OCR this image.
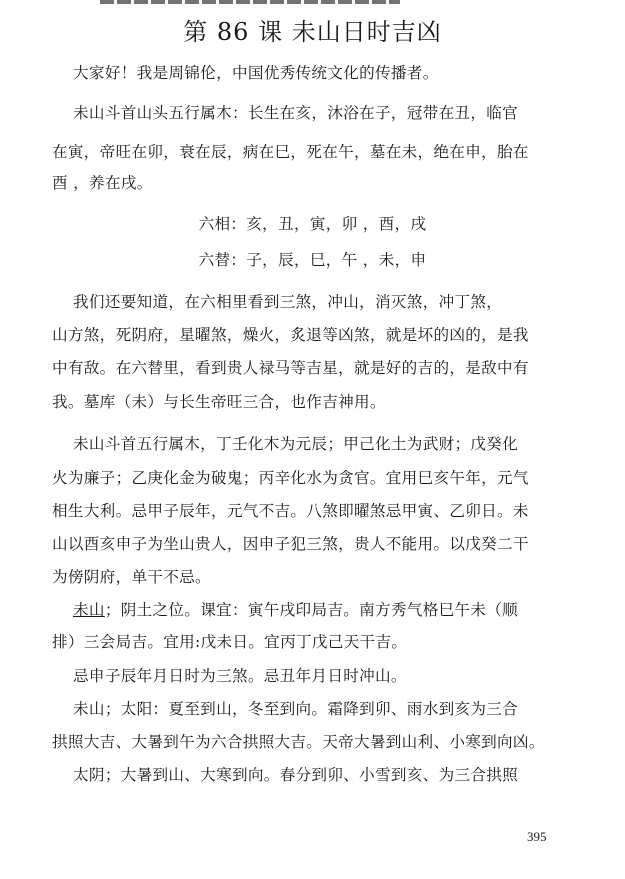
第 86 课 未山日时吉凶
大家好！我是周锦伦，中国优秀传统文化的传播者。
未山斗首山头五行属木：长生在亥，沐浴在子，冠带在丑，临官
在寅，帝旺在卯，衰在辰，病在巳，死在午，墓在未，绝在申，胎在
酉 ，养在戌。
六相：亥，丑，寅，卯 ，酉，戌
六替：子，辰，巳，午 ，未，申
我们还要知道，在六相里看到三煞，冲山，消灭煞，冲丁煞，
山方煞，死阴府，星曜煞，燥火，炙退等凶煞，就是坏的凶的，是我
中有敌。在六替里，看到贵人禄马等吉星，就是好的吉的，是敌中有
我。墓库（未）与长生帝旺三合，也作吉神用。
未山斗首五行属木，丁壬化木为元辰；甲己化土为武财；戊癸化
火为廉子；乙庚化金为破鬼；丙辛化水为贪官。宜用巳亥午年，元气
相生大利。忌甲子辰年，元气不吉。八煞即曜煞忌甲寅、乙卯日。未
山以酉亥申子为坐山贵人，因申子犯三煞，贵人不能用。以戊癸二干
为傍阴府，单干不忌。
未山；阴土之位。课宜：寅午戌印局吉。南方秀气格巳午未（顺
排）三会局吉。宜用:戊未日。宜丙丁戊己天干吉。
忌申子辰年月日时为三煞。忌丑年月日时冲山。
未山；太阳：夏至到山，冬至到向。霜降到卯、雨水到亥为三合
拱照大吉、大暑到午为六合拱照大吉。天帝大暑到山利、小寒到向凶。
太阴；大暑到山、大寒到向。春分到卯、小雪到亥、为三合拱照
395
